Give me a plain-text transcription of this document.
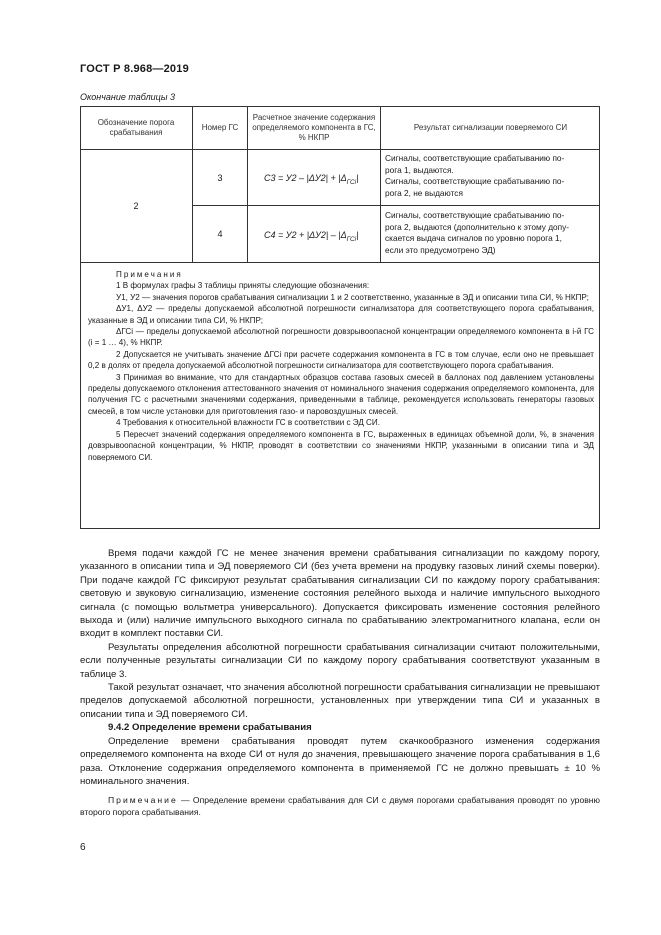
ГОСТ Р 8.968—2019
Окончание таблицы 3
Обозначение порога срабатывания
Номер ГС
Расчетное значение содержания определяемого компонента в ГС, % НКПР
Результат сигнализации поверяемого СИ
2
3	$C3 = У2 - |\Delta У2| + |\Delta_{ГСi}|$
Сигналы, соответствующие срабатыванию по-
рога 1, выдаются.
Сигналы, соответствующие срабатыванию по-
рога 2, не выдаются
4	$C4 = У2 + |\Delta У2| - |\Delta_{ГСi}|$
Сигналы, соответствующие срабатыванию по-
рога 2, выдаются (дополнительно к этому допу-
скается выдача сигналов по уровню порога 1,
если это предусмотрено ЭД)

Примечания

1 В формулах графы 3 таблицы приняты следующие обозначения:

У1, У2 — значения порогов срабатывания сигнализации 1 и 2 соответственно, указанные в ЭД и описании типа СИ, % НКПР;

ΔУ1, ΔУ2 — пределы допускаемой абсолютной погрешности сигнализатора для соответствующего порога срабатывания, указанные в ЭД и описании типа СИ, % НКПР;

ΔГСi — пределы допускаемой абсолютной погрешности довзрывоопасной концентрации определяемого компонента в i-й ГС (i = 1 … 4), % НКПР.

2 Допускается не учитывать значение ΔГСi при расчете содержания компонента в ГС в том случае, если оно не превышает 0,2 в долях от предела допускаемой абсолютной погрешности сигнализатора для соответствующего порога срабатывания.

3 Принимая во внимание, что для стандартных образцов состава газовых смесей в баллонах под давлением установлены пределы допускаемого отклонения аттестованного значения от номинального значения содержания определяемого компонента, для получения ГС с расчетными значениями содержания, приведенными в таблице, рекомендуется использовать генераторы газовых смесей, в том числе установки для приготовления газо- и паровоздушных смесей.

4 Требования к относительной влажности ГС в соответствии с ЭД СИ.

5 Пересчет значений содержания определяемого компонента в ГС, выраженных в единицах объемной доли, %, в значения довзрывоопасной концентрации, % НКПР, проводят в соответствии со значениями НКПР, указанными в описании типа и ЭД поверяемого СИ.

Время подачи каждой ГС не менее значения времени срабатывания сигнализации по каждому порогу, указанного в описании типа и ЭД поверяемого СИ (без учета времени на продувку газовых линий схемы поверки). При подаче каждой ГС фиксируют результат срабатывания сигнализации СИ по каждому порогу срабатывания: световую и звуковую сигнализацию, изменение состояния релейного выхода и наличие импульсного выходного сигнала (с помощью вольтметра универсального). Допускается фиксировать изменение состояния релейного выхода и (или) наличие импульсного выходного сигнала по срабатыванию электромагнитного клапана, если он входит в комплект поставки СИ.

Результаты определения абсолютной погрешности срабатывания сигнализации считают положительными, если полученные результаты сигнализации СИ по каждому порогу срабатывания соответствуют указанным в таблице 3.

Такой результат означает, что значения абсолютной погрешности срабатывания сигнализации не превышают пределов допускаемой абсолютной погрешности, установленных при утверждении типа СИ и указанных в описании типа и ЭД поверяемого СИ.

9.4.2 Определение времени срабатывания

Определение времени срабатывания проводят путем скачкообразного изменения содержания определяемого компонента на входе СИ от нуля до значения, превышающего значение порога срабатывания в 1,6 раза. Отклонение содержания определяемого компонента в применяемой ГС не должно превышать ± 10 % номинального значения.

Примечание — Определение времени срабатывания для СИ с двумя порогами срабатывания проводят по уровню второго порога срабатывания.

6
